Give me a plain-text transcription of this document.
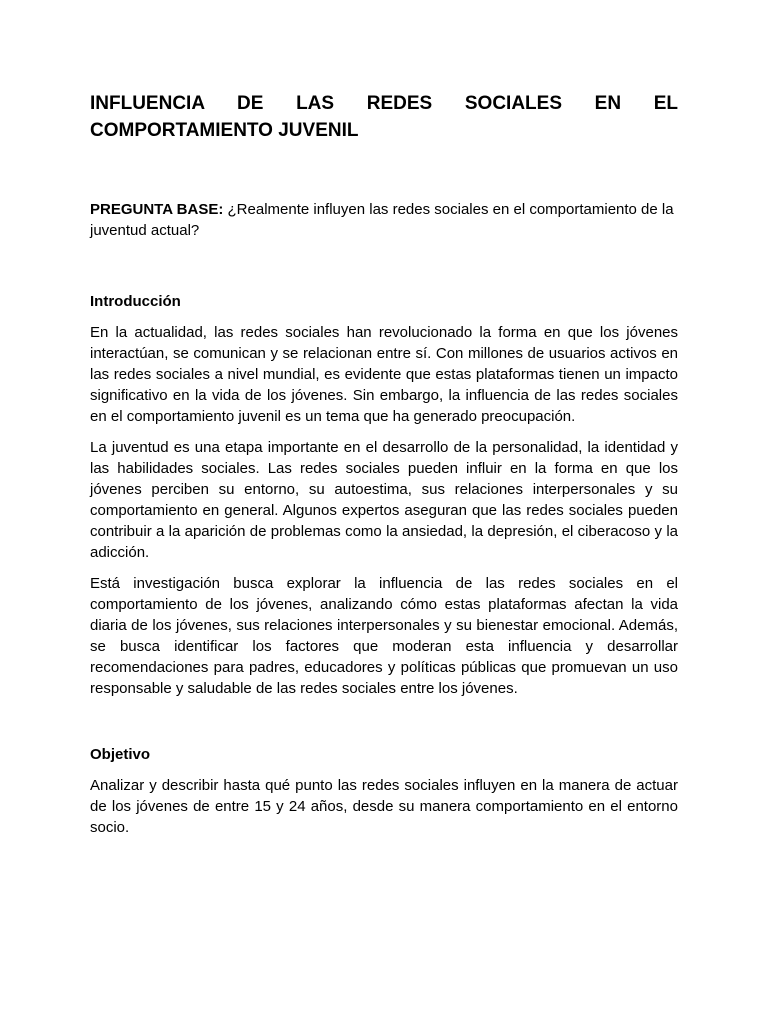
INFLUENCIA DE LAS REDES SOCIALES EN EL COMPORTAMIENTO JUVENIL

PREGUNTA BASE: ¿Realmente influyen las redes sociales en el comportamiento de la juventud actual?

Introducción

En la actualidad, las redes sociales han revolucionado la forma en que los jóvenes interactúan, se comunican y se relacionan entre sí. Con millones de usuarios activos en las redes sociales a nivel mundial, es evidente que estas plataformas tienen un impacto significativo en la vida de los jóvenes. Sin embargo, la influencia de las redes sociales en el comportamiento juvenil es un tema que ha generado preocupación.

La juventud es una etapa importante en el desarrollo de la personalidad, la identidad y las habilidades sociales. Las redes sociales pueden influir en la forma en que los jóvenes perciben su entorno, su autoestima, sus relaciones interpersonales y su comportamiento en general. Algunos expertos aseguran que las redes sociales pueden contribuir a la aparición de problemas como la ansiedad, la depresión, el ciberacoso y la adicción.

Está investigación busca explorar la influencia de las redes sociales en el comportamiento de los jóvenes, analizando cómo estas plataformas afectan la vida diaria de los jóvenes, sus relaciones interpersonales y su bienestar emocional. Además, se busca identificar los factores que moderan esta influencia y desarrollar recomendaciones para padres, educadores y políticas públicas que promuevan un uso responsable y saludable de las redes sociales entre los jóvenes.

Objetivo

Analizar y describir hasta qué punto las redes sociales influyen en la manera de actuar de los jóvenes de entre 15 y 24 años, desde su manera comportamiento en el entorno socio.
